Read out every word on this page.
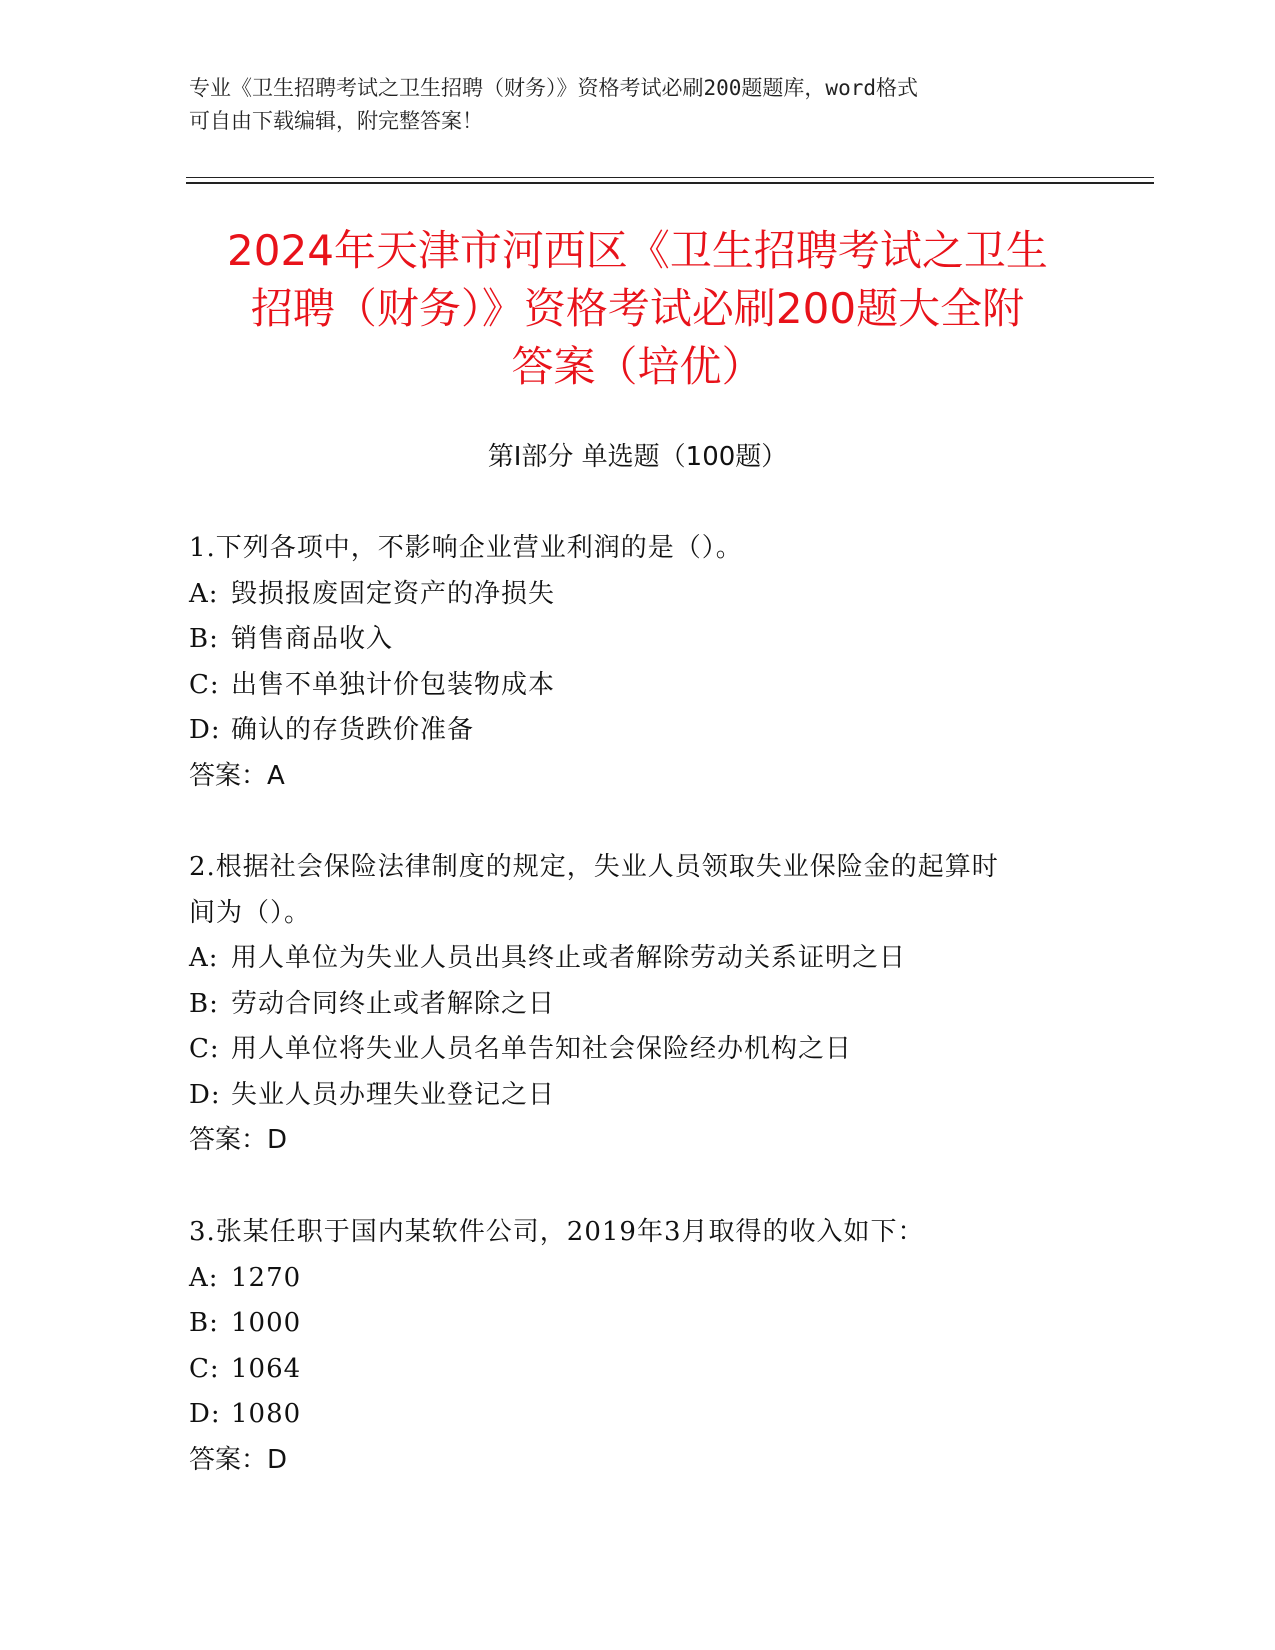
专业《卫生招聘考试之卫生招聘（财务）》资格考试必刷200题题库，word格式

可自由下载编辑，附完整答案！

2024年天津市河西区《卫生招聘考试之卫生
招聘（财务）》资格考试必刷200题大全附
答案（培优）
第Ⅰ部分 单选题（100题）

1.下列各项中，不影响企业营业利润的是（）。

A: 毁损报废固定资产的净损失

B: 销售商品收入

C: 出售不单独计价包装物成本

D: 确认的存货跌价准备

答案：A

2.根据社会保险法律制度的规定，失业人员领取失业保险金的起算时

间为（）。

A: 用人单位为失业人员出具终止或者解除劳动关系证明之日

B: 劳动合同终止或者解除之日

C: 用人单位将失业人员名单告知社会保险经办机构之日

D: 失业人员办理失业登记之日

答案：D

3.张某任职于国内某软件公司，2019年3月取得的收入如下：

A: 1270

B: 1000

C: 1064

D: 1080

答案：D
